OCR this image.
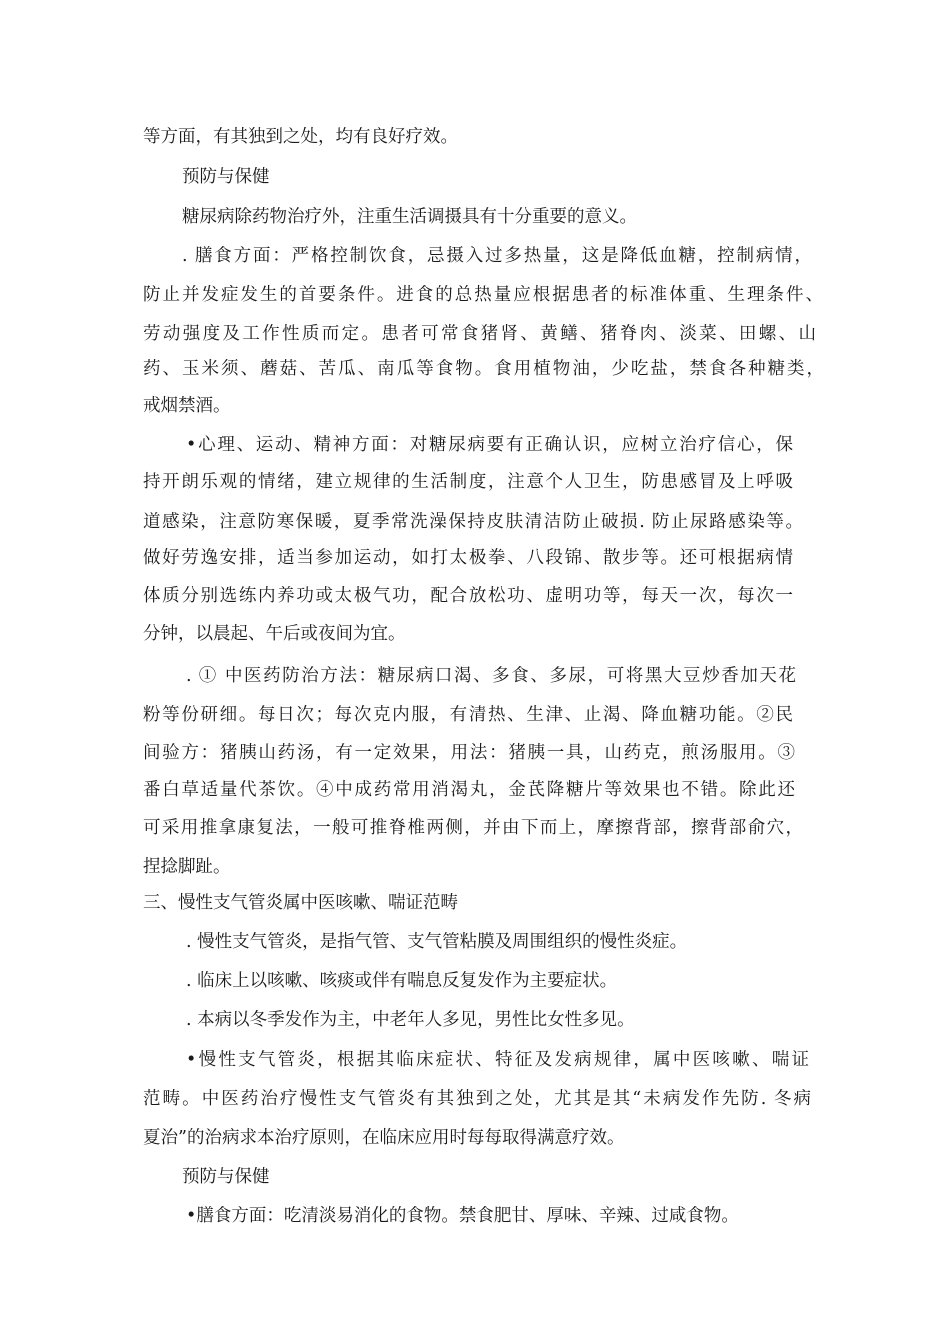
等方面，有其独到之处，均有良好疗效。
预防与保健
糖尿病除药物治疗外，注重生活调摄具有十分重要的意义。
. 膳食方面：严格控制饮食，忌摄入过多热量，这是降低血糖，控制病情，
防止并发症发生的首要条件。进食的总热量应根据患者的标准体重、生理条件、
劳动强度及工作性质而定。患者可常食猪肾、黄鳝、猪脊肉、淡菜、田螺、山
药、玉米须、蘑菇、苦瓜、南瓜等食物。食用植物油，少吃盐，禁食各种糖类，
戒烟禁酒。
•心理、运动、精神方面：对糖尿病要有正确认识，应树立治疗信心，保
持开朗乐观的情绪，建立规律的生活制度，注意个人卫生，防患感冒及上呼吸
道感染，注意防寒保暖，夏季常洗澡保持皮肤清洁防止破损. 防止尿路感染等。
做好劳逸安排，适当参加运动，如打太极拳、八段锦、散步等。还可根据病情
体质分别选练内养功或太极气功，配合放松功、虚明功等，每天一次，每次一
分钟，以晨起、午后或夜间为宜。
. ① 中医药防治方法：糖尿病口渴、多食、多尿，可将黑大豆炒香加天花
粉等份研细。每日次；每次克内服，有清热、生津、止渴、降血糖功能。②民
间验方：猪胰山药汤，有一定效果，用法：猪胰一具，山药克，煎汤服用。③
番白草适量代茶饮。④中成药常用消渴丸，金芪降糖片等效果也不错。除此还
可采用推拿康复法，一般可推脊椎两侧，并由下而上，摩擦背部，擦背部俞穴，
捏捻脚趾。
三、慢性支气管炎属中医咳嗽、喘证范畴
. 慢性支气管炎，是指气管、支气管粘膜及周围组织的慢性炎症。
. 临床上以咳嗽、咳痰或伴有喘息反复发作为主要症状。
. 本病以冬季发作为主，中老年人多见，男性比女性多见。
•慢性支气管炎，根据其临床症状、特征及发病规律，属中医咳嗽、喘证
范畴。中医药治疗慢性支气管炎有其独到之处，尤其是其“未病发作先防. 冬病
夏治”的治病求本治疗原则，在临床应用时每每取得满意疗效。
预防与保健
•膳食方面：吃清淡易消化的食物。禁食肥甘、厚味、辛辣、过咸食物。
